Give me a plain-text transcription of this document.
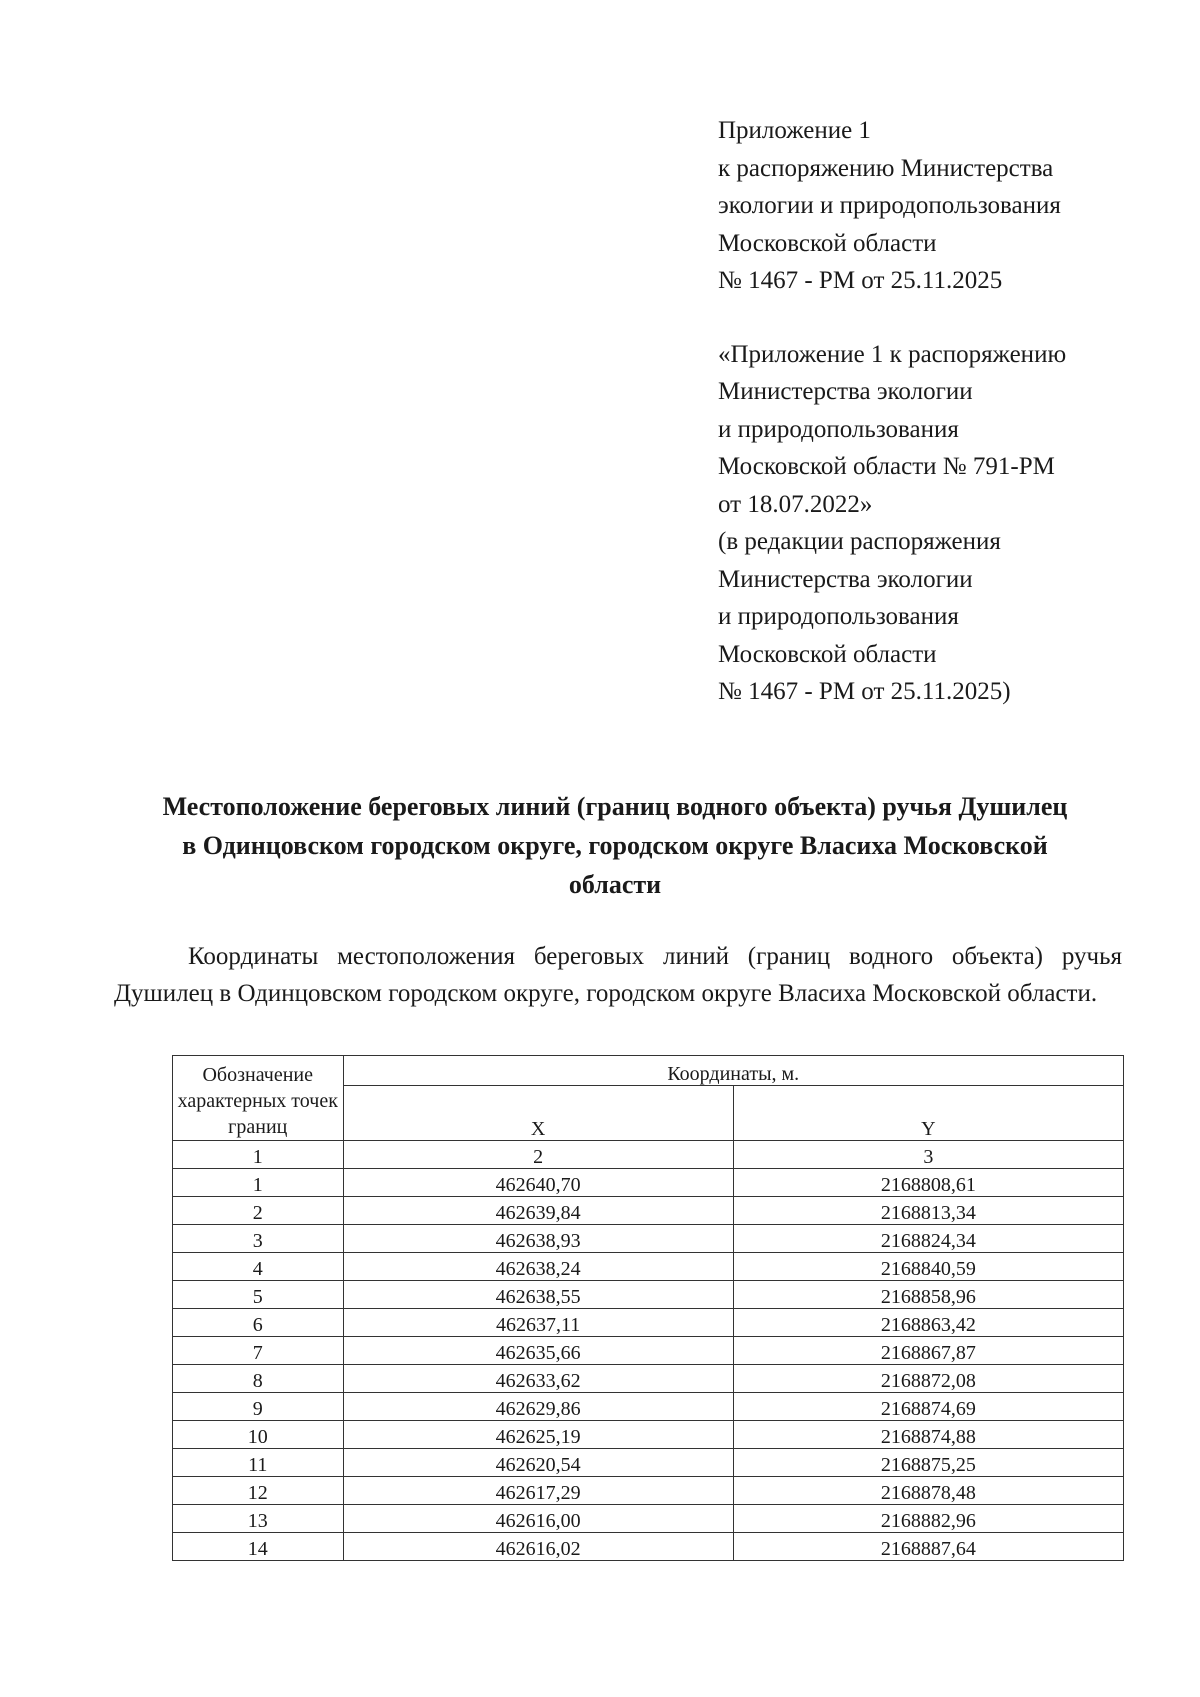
Приложение 1
к распоряжению Министерства
экологии и природопользования
Московской области
№ 1467 - РМ от 25.11.2025
«Приложение 1 к распоряжению
Министерства экологии
и природопользования
Московской области № 791-РМ
от 18.07.2022»
(в редакции распоряжения
Министерства экологии
и природопользования
Московской области
№ 1467 - РМ от 25.11.2025)
Местоположение береговых линий (границ водного объекта) ручья Душилец
в Одинцовском городском округе, городском округе Власиха Московской
области
Координаты местоположения береговых линий (границ водного объекта) ручья Душилец в Одинцовском городском округе, городском округе Власиха Московской области.
Обозначение характерных точек границ	Координаты, м.	
	X	Y
1	2	3
1	462640,70	2168808,61
2	462639,84	2168813,34
3	462638,93	2168824,34
4	462638,24	2168840,59
5	462638,55	2168858,96
6	462637,11	2168863,42
7	462635,66	2168867,87
8	462633,62	2168872,08
9	462629,86	2168874,69
10	462625,19	2168874,88
11	462620,54	2168875,25
12	462617,29	2168878,48
13	462616,00	2168882,96
14	462616,02	2168887,64
